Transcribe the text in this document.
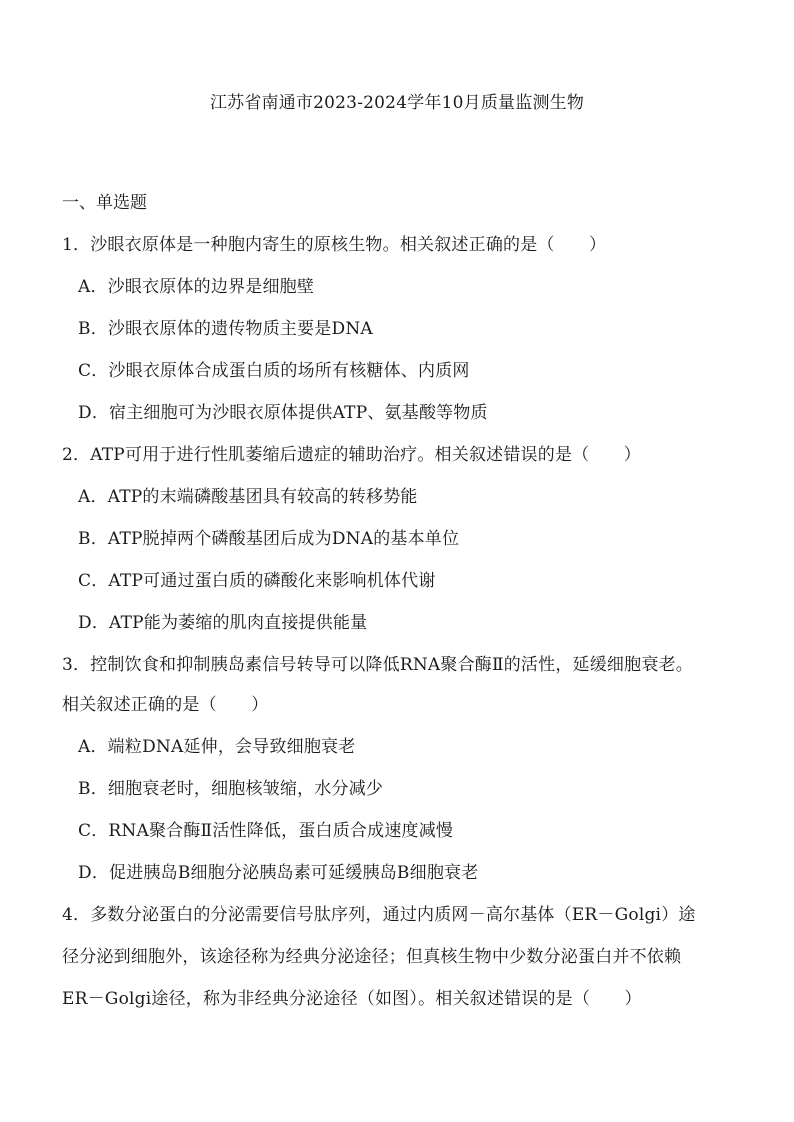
江苏省南通市2023-2024学年10月质量监测生物
一、单选题
1．沙眼衣原体是一种胞内寄生的原核生物。相关叙述正确的是（　　）
A．沙眼衣原体的边界是细胞壁
B．沙眼衣原体的遗传物质主要是DNA
C．沙眼衣原体合成蛋白质的场所有核糖体、内质网
D．宿主细胞可为沙眼衣原体提供ATP、氨基酸等物质
2．ATP可用于进行性肌萎缩后遗症的辅助治疗。相关叙述错误的是（　　）
A．ATP的末端磷酸基团具有较高的转移势能
B．ATP脱掉两个磷酸基团后成为DNA的基本单位
C．ATP可通过蛋白质的磷酸化来影响机体代谢
D．ATP能为萎缩的肌肉直接提供能量
3．控制饮食和抑制胰岛素信号转导可以降低RNA聚合酶Ⅱ的活性，延缓细胞衰老。
相关叙述正确的是（　　）
A．端粒DNA延伸，会导致细胞衰老
B．细胞衰老时，细胞核皱缩，水分减少
C．RNA聚合酶Ⅱ活性降低，蛋白质合成速度减慢
D．促进胰岛B细胞分泌胰岛素可延缓胰岛B细胞衰老
4．多数分泌蛋白的分泌需要信号肽序列，通过内质网－高尔基体（ER－Golgi）途
径分泌到细胞外，该途径称为经典分泌途径；但真核生物中少数分泌蛋白并不依赖
ER－Golgi途径，称为非经典分泌途径（如图）。相关叙述错误的是（　　）
